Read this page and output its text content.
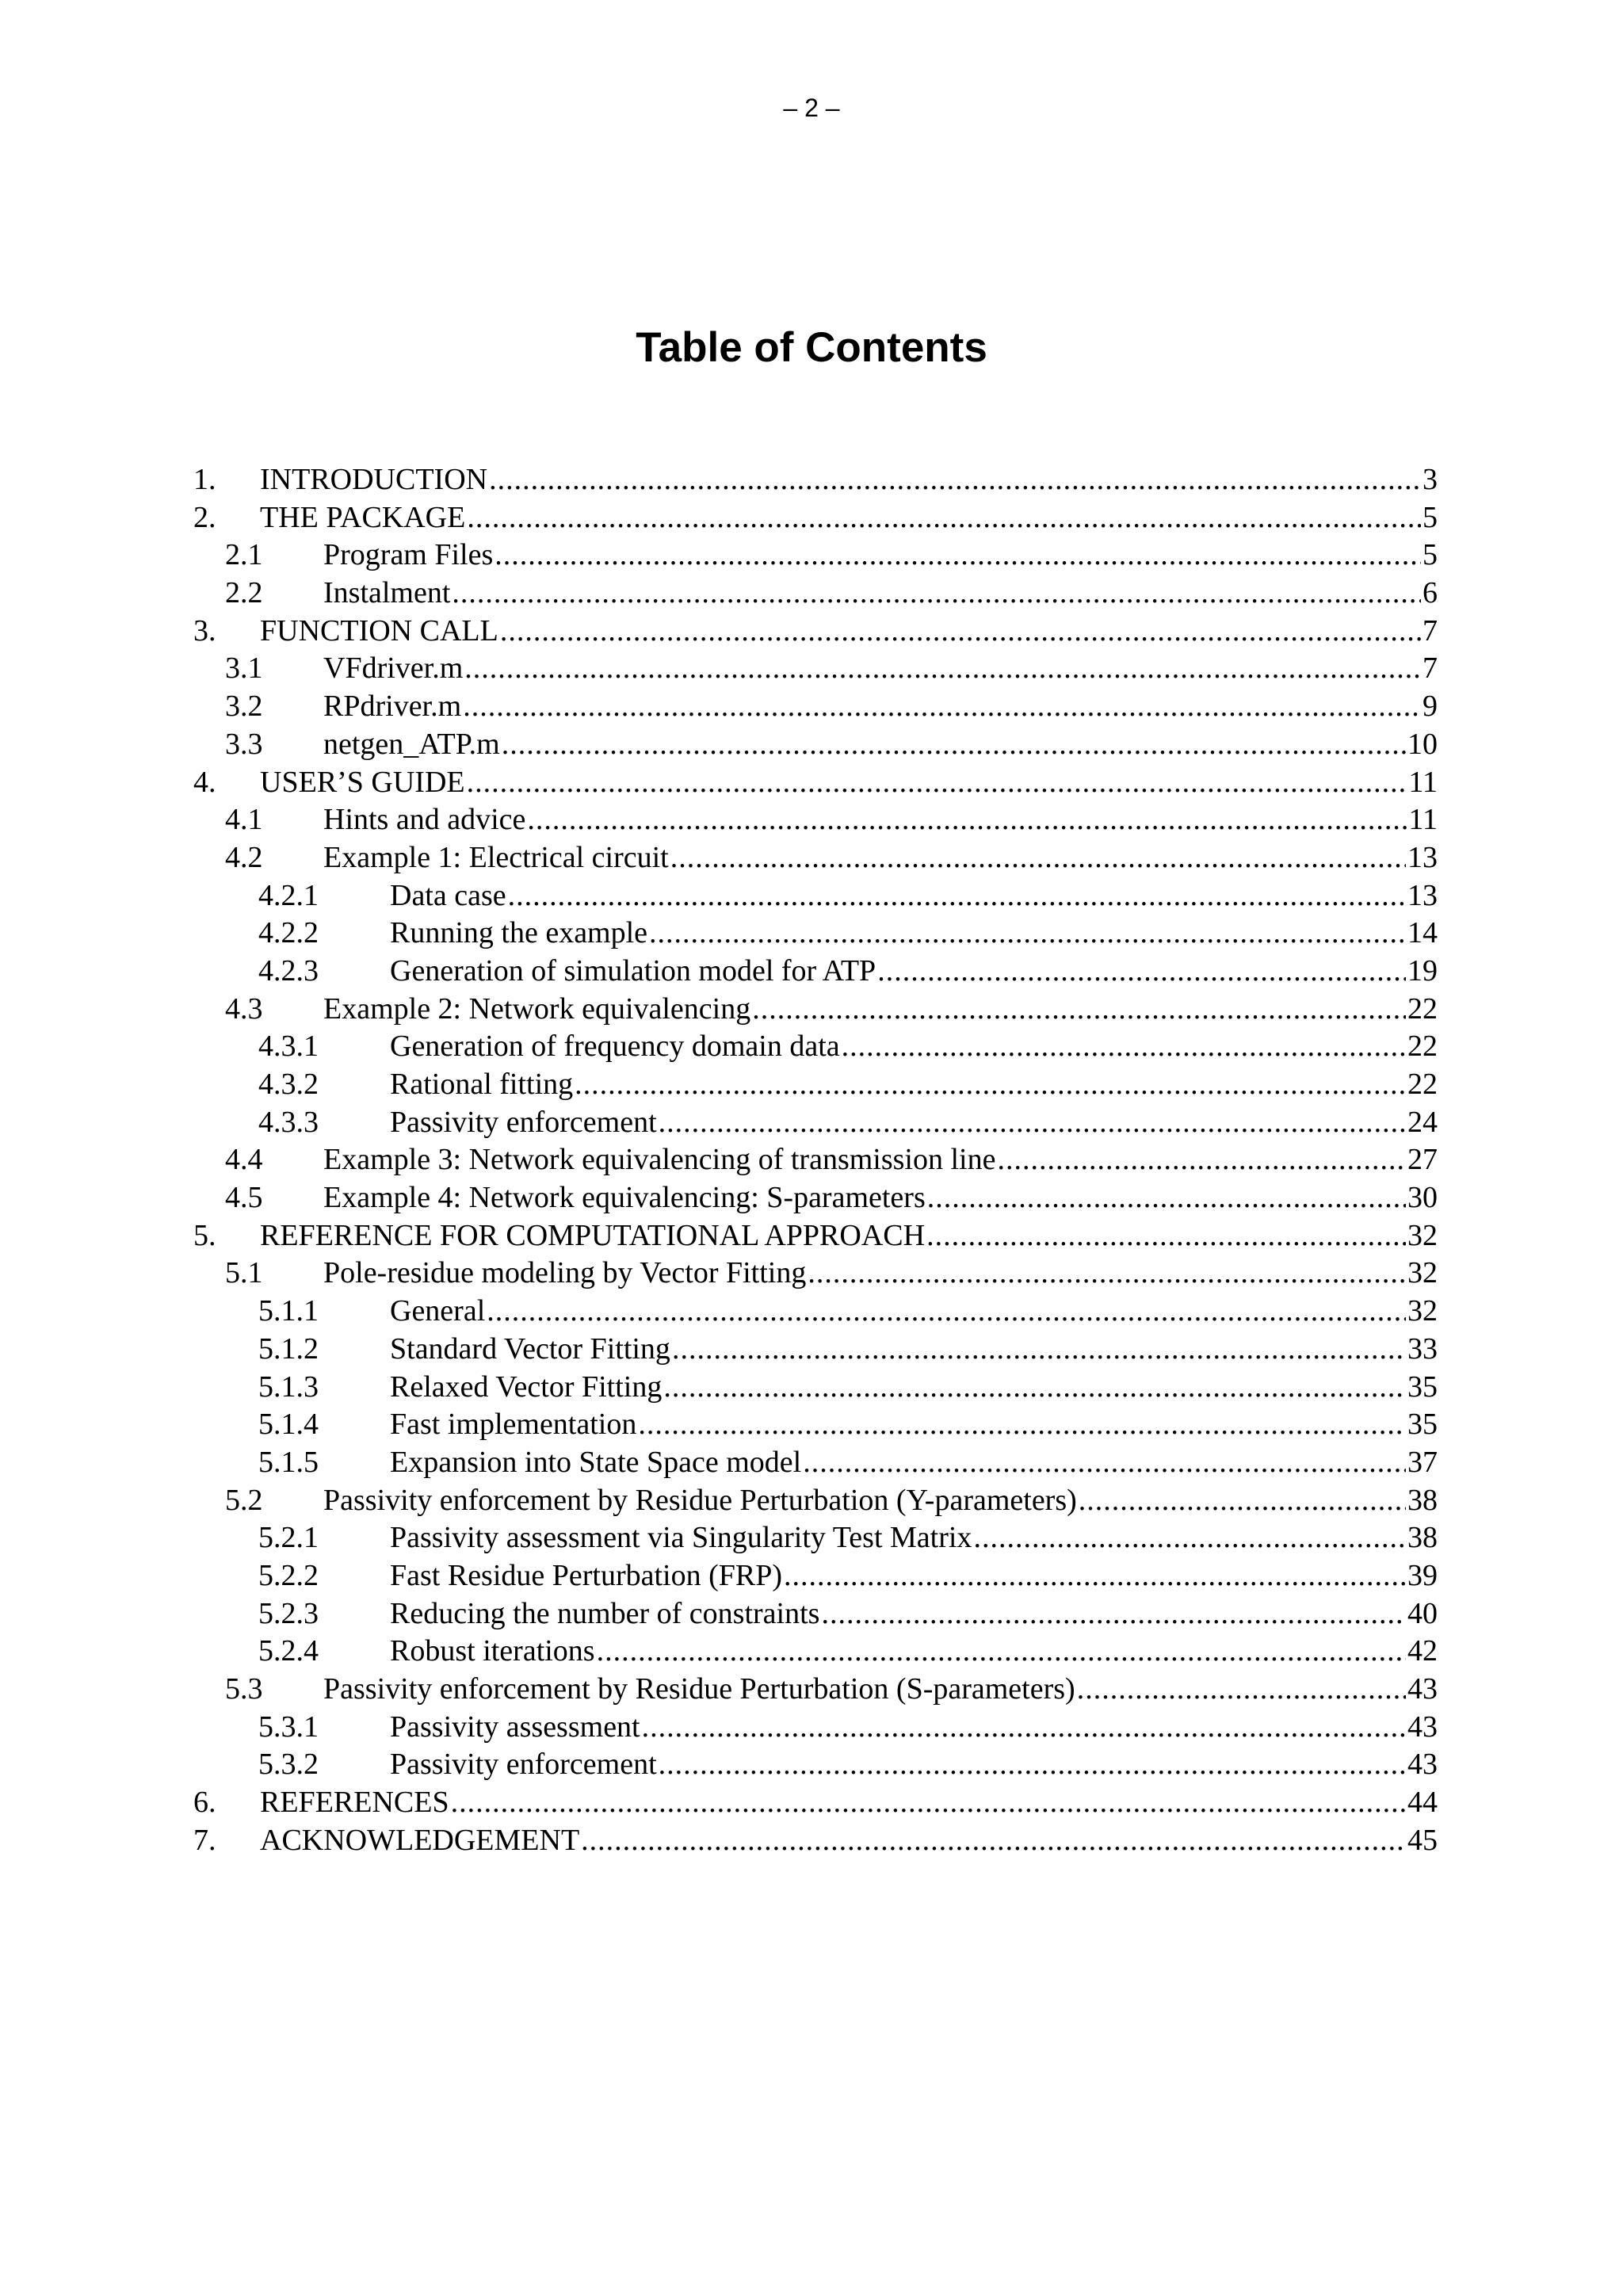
– 2 –
Table of Contents
1.	INTRODUCTION .....	3
2.	THE PACKAGE .....	5
2.1	Program Files .....	5
2.2	Instalment .....	6
3.	FUNCTION CALL .....	7
3.1	VFdriver.m .....	7
3.2	RPdriver.m .....	9
3.3	netgen_ATP.m .....	10
4.	USER’S GUIDE .....	11
4.1	Hints and advice .....	11
4.2	Example 1: Electrical circuit .....	13
4.2.1	Data case .....	13
4.2.2	Running the example .....	14
4.2.3	Generation of simulation model for ATP .....	19
4.3	Example 2: Network equivalencing .....	22
4.3.1	Generation of frequency domain data .....	22
4.3.2	Rational fitting .....	22
4.3.3	Passivity enforcement .....	24
4.4	Example 3: Network equivalencing of transmission line .....	27
4.5	Example 4: Network equivalencing: S-parameters .....	30
5.	REFERENCE FOR COMPUTATIONAL APPROACH .....	32
5.1	Pole-residue modeling by Vector Fitting .....	32
5.1.1	General .....	32
5.1.2	Standard Vector Fitting .....	33
5.1.3	Relaxed Vector Fitting .....	35
5.1.4	Fast implementation .....	35
5.1.5	Expansion into State Space model .....	37
5.2	Passivity enforcement by Residue Perturbation (Y-parameters) .....	38
5.2.1	Passivity assessment via Singularity Test Matrix .....	38
5.2.2	Fast Residue Perturbation (FRP) .....	39
5.2.3	Reducing the number of constraints .....	40
5.2.4	Robust iterations .....	42
5.3	Passivity enforcement by Residue Perturbation (S-parameters) .....	43
5.3.1	Passivity assessment .....	43
5.3.2	Passivity enforcement .....	43
6.	REFERENCES .....	44
7.	ACKNOWLEDGEMENT .....	45
